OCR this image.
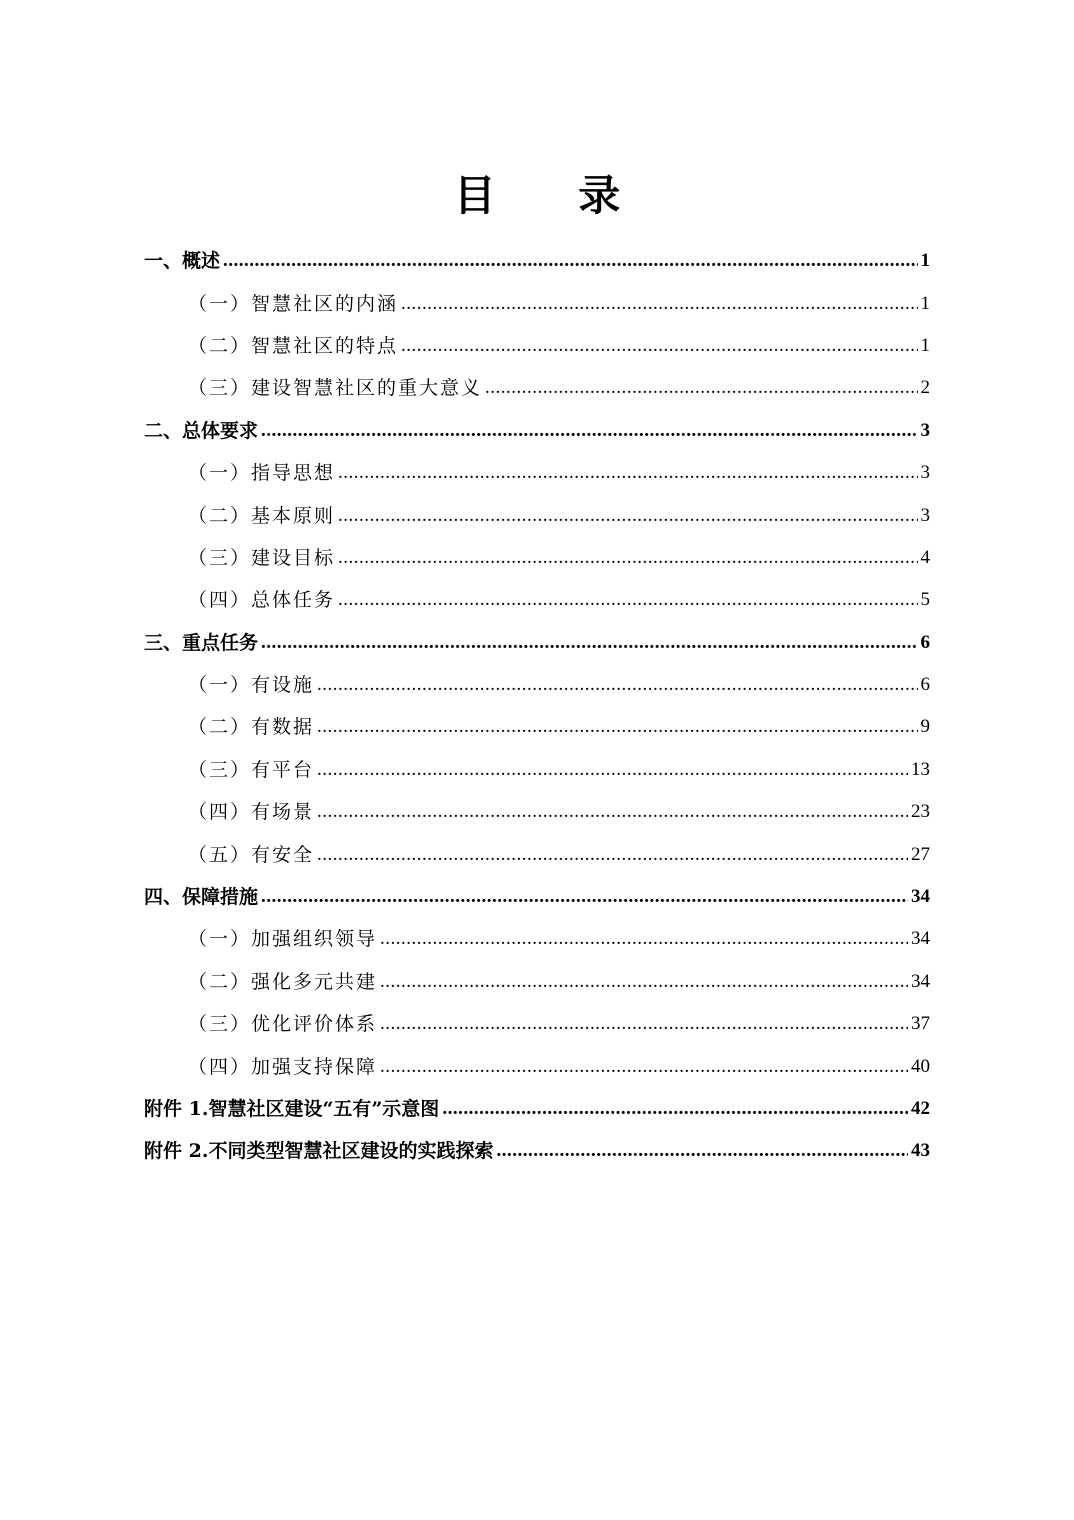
目 录
一、概述 .....	1
（一）智慧社区的内涵 .....	1
（二）智慧社区的特点 .....	1
（三）建设智慧社区的重大意义 .....	2
二、总体要求 .....	3
（一）指导思想 .....	3
（二）基本原则 .....	3
（三）建设目标 .....	4
（四）总体任务 .....	5
三、重点任务 .....	6
（一）有设施 .....	6
（二）有数据 .....	9
（三）有平台 .....	13
（四）有场景 .....	23
（五）有安全 .....	27
四、保障措施 .....	34
（一）加强组织领导 .....	34
（二）强化多元共建 .....	34
（三）优化评价体系 .....	37
（四）加强支持保障 .....	40
附件 1.智慧社区建设“五有”示意图 .....	42
附件 2.不同类型智慧社区建设的实践探索 .....	43
